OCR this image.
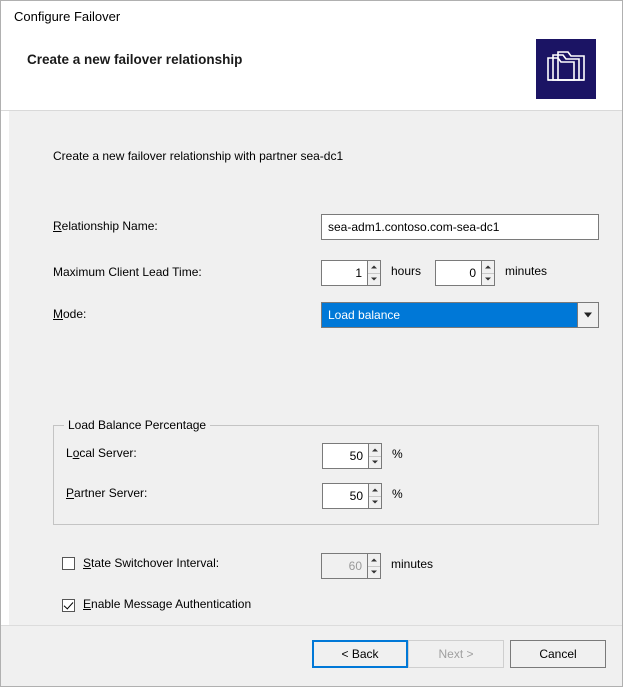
Configure Failover
Create a new failover relationship
Create a new failover relationship with partner sea-dc1
Relationship Name:
sea-adm1.contoso.com-sea-dc1
Maximum Client Lead Time:
1	hours
0	minutes
Mode:	Load balance
Load Balance Percentage
Local Server:
50	%
Partner Server:
50	%
State Switchover Interval:
60	minutes
Enable Message Authentication
< Back	Next >	Cancel
